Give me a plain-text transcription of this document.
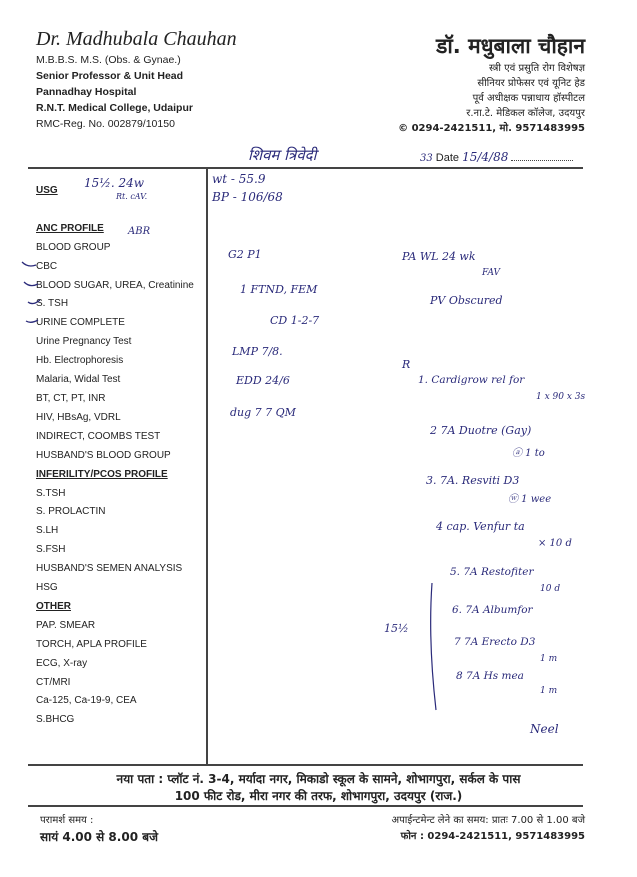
Dr. Madhubala Chauhan
M.B.B.S. M.S. (Obs. & Gynae.)
Senior Professor & Unit Head
Pannadhay Hospital
R.N.T. Medical College, Udaipur
RMC-Reg. No. 002879/10150
डॉ. मधुबाला चौहान
स्त्री एवं प्रसुति रोग विशेषज्ञ
सीनियर प्रोफेसर एवं यूनिट हेड
पूर्व अधीक्षक पन्नाधाय हॉस्पीटल
र.ना.टे. मेडिकल कॉलेज, उदयपुर
© 0294-2421511, मो. 9571483995
33 Date 15/4/88
USG

ANC PROFILE
BLOOD GROUP
CBC
BLOOD SUGAR, UREA, Creatinine
S. TSH
URINE COMPLETE
Urine Pregnancy Test
Hb. Electrophoresis
Malaria, Widal Test
BT, CT, PT, INR
HIV, HBsAg, VDRL
INDIRECT, COOMBS TEST
HUSBAND'S BLOOD GROUP
INFERILITY/PCOS PROFILE
S.TSH
S. PROLACTIN
S.LH
S.FSH
HUSBAND'S SEMEN ANALYSIS
HSG
OTHER
PAP. SMEAR
TORCH, APLA PROFILE
ECG, X-ray
CT/MRI
Ca-125, Ca-19-9, CEA
S.BHCG
शिवम त्रिवेदी
15½. 24w
Rt. cAV.
ABR
wt - 55.9
BP - 106/68
G2 P1
1 FTND, FEM
CD 1-2-7
LMP 7/8.
EDD 24/6
dug 7 7 QM
PA WL 24 wk
FAV
PV Obscured
R
1. Cardigrow rel for
1 x 90 x 3s
2 7A Duotre (Gay)
ⓐ 1 to
3. 7A. Resviti D3
ⓦ 1 wee
4 cap. Venfur ta
× 10 d
5. 7A Restofiter
10 d
6. 7A Albumfor
7 7A Erecto D3
1 m
8 7A Hs mea
1 m
15½
Neel
नया पता : प्लॉट नं. 3-4, मर्यादा नगर, मिकाडो स्कूल के सामने, शोभागपुरा, सर्कल के पास
100 फीट रोड, मीरा नगर की तरफ, शोभागपुरा, उदयपुर (राज.)
परामर्श समय :
सायं 4.00 से 8.00 बजे
अपाईन्टमेन्ट लेने का समय: प्रातः 7.00 से 1.00 बजे
फोन : 0294-2421511, 9571483995
